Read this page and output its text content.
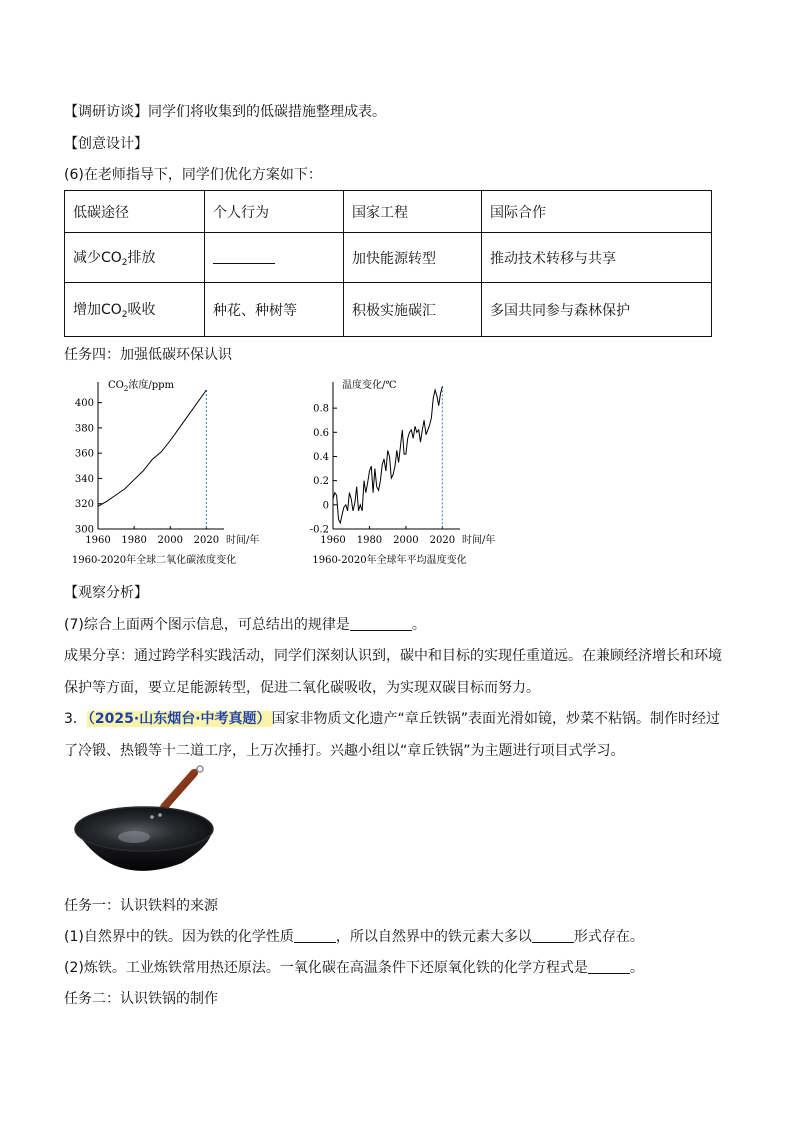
【调研访谈】同学们将收集到的低碳措施整理成表。
【创意设计】
(6)在老师指导下，同学们优化方案如下：
低碳途径	个人行为	国家工程	国际合作
减少$CO_2$排放		加快能源转型	推动技术转移与共享
增加$CO_2$吸收	种花、种树等	积极实施碳汇	多国共同参与森林保护
任务四：加强低碳环保认识
300
320
340
360
380
400
1960 1980 2000 2020 时间/年
1960-2020年全球二氧化碳浓度变化
$CO_2$浓度/ppm
-0.2
0
0.2
0.4
0.6
0.8
1960 1980 2000 2020 时间/年
1960-2020年全球年平均温度变化
温度变化/℃
【观察分析】
(7)综合上面两个图示信息，可总结出的规律是	。
成果分享：通过跨学科实践活动，同学们深刻认识到，碳中和目标的实现任重道远。在兼顾经济增长和环境保护等方面，要立足能源转型，促进二氧化碳吸收，为实现双碳目标而努力。
3．（2025·山东烟台·中考真题）国家非物质文化遗产“章丘铁锅”表面光滑如镜，炒菜不粘锅。制作时经过了冷锻、热锻等十二道工序，上万次捶打。兴趣小组以“章丘铁锅”为主题进行项目式学习。
任务一：认识铁料的来源
(1)自然界中的铁。因为铁的化学性质	，所以自然界中的铁元素大多以	形式存在。
(2)炼铁。工业炼铁常用热还原法。一氧化碳在高温条件下还原氧化铁的化学方程式是	。
任务二：认识铁锅的制作
